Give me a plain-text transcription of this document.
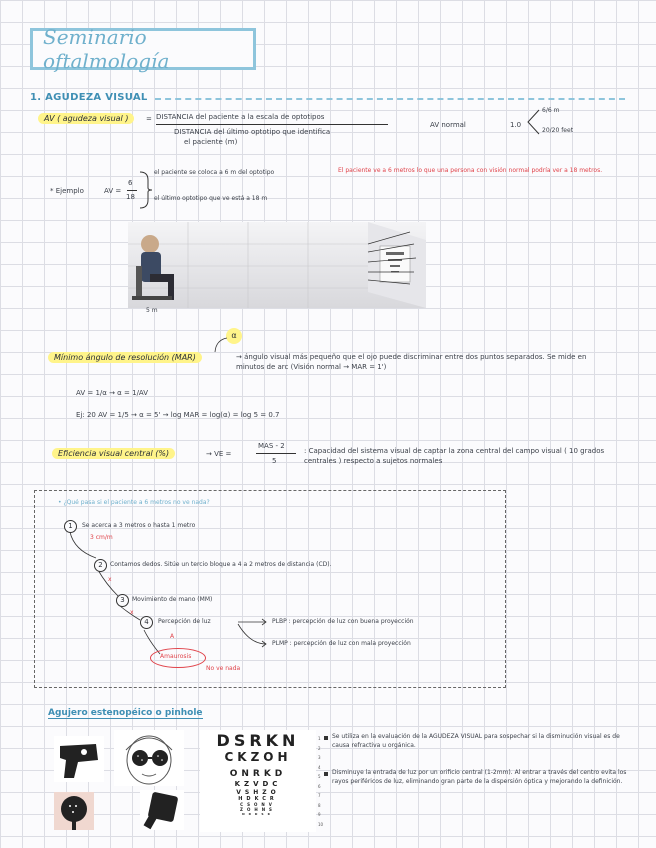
Seminario oftalmología
1. AGUDEZA VISUAL
AV ( agudeza visual )	= DISTANCIA del paciente a la escala de optotipos
DISTANCIA del último optotipo que identifica
el paciente (m)
AV normal	1.0
6/6 m
20/20 feet
* Ejemplo	AV =
6
18
el paciente se coloca a 6 m del optotipo
el último optotipo que ve está a 18 m
El paciente ve a 6 metros lo que una persona con visión normal podría ver a 18 metros.
5 m
α
Mínimo ángulo de resolución (MAR)	→ ángulo visual más pequeño que el ojo puede discriminar entre dos puntos separados. Se mide en minutos de arc (Visión normal → MAR = 1')
AV = 1/α → α = 1/AV
Ej: 20 AV = 1/5 → α = 5' → log MAR = log(α) = log 5 = 0.7
Eficiencia visual central (%)	→ VE =
MAS - 2
5
: Capacidad del sistema visual de captar la zona central del campo visual ( 10 grados centrales ) respecto a sujetos normales
• ¿Qué pasa si el paciente a 6 metros no ve nada?
1	Se acerca a 3 metros o hasta 1 metro
3 cm/m
2	Contamos dedos. Sitúe un tercio bloque a 4 a 2 metros de distancia (CD).
x
3	Movimiento de mano (MM)
x
4	Percepción de luz	PLBP : percepción de luz con buena proyección
PLMP : percepción de luz con mala proyección
A
Amaurosis
No ve nada
Agujero estenopéico o pinhole
DSRKN
CKZOH
ONRKD
KZVDC
VSHZO
HDKCR
CSONV
ZOHNS
NRDSK
1
2
3
4
5
6
7
8
9
10
Se utiliza en la evaluación de la AGUDEZA VISUAL para sospechar si la disminución visual es de causa refractiva u orgánica.
Disminuye la entrada de luz por un orificio central (1-2mm). Al entrar a través del centro evita los rayos periféricos de luz, eliminando gran parte de la dispersión óptica y mejorando la definición.
